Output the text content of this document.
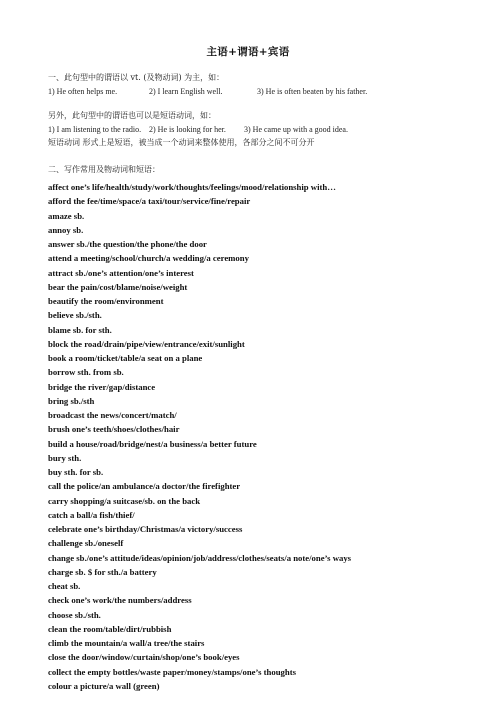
主语+谓语+宾语
一、此句型中的谓语以 vt. (及物动词) 为主，如：
1) He often helps me.	2) I learn English well.	3) He is often beaten by his father.
另外，此句型中的谓语也可以是短语动词，如：
1) I am listening to the radio. 2) He is looking for her. 3) He came up with a good idea.
短语动词 形式上是短语，被当成一个动词来整体使用，各部分之间不可分开
二、写作常用及物动词和短语：
affect one’s life/health/study/work/thoughts/feelings/mood/relationship with…
afford the fee/time/space/a taxi/tour/service/fine/repair
amaze sb.
annoy sb.
answer sb./the question/the phone/the door
attend a meeting/school/church/a wedding/a ceremony
attract sb./one’s attention/one’s interest
bear the pain/cost/blame/noise/weight
beautify the room/environment
believe sb./sth.
blame sb. for sth.
block the road/drain/pipe/view/entrance/exit/sunlight
book a room/ticket/table/a seat on a plane
borrow sth. from sb.
bridge the river/gap/distance
bring sb./sth
broadcast the news/concert/match/
brush one’s teeth/shoes/clothes/hair
build a house/road/bridge/nest/a business/a better future
bury sth.
buy sth. for sb.
call the police/an ambulance/a doctor/the firefighter
carry shopping/a suitcase/sb. on the back
catch a ball/a fish/thief/
celebrate one’s birthday/Christmas/a victory/success
challenge sb./oneself
change sb./one’s attitude/ideas/opinion/job/address/clothes/seats/a note/one’s ways
charge sb. $ for sth./a battery
cheat sb.
check one’s work/the numbers/address
choose sb./sth.
clean the room/table/dirt/rubbish
climb the mountain/a wall/a tree/the stairs
close the door/window/curtain/shop/one’s book/eyes
collect the empty bottles/waste paper/money/stamps/one’s thoughts
colour a picture/a wall (green)
